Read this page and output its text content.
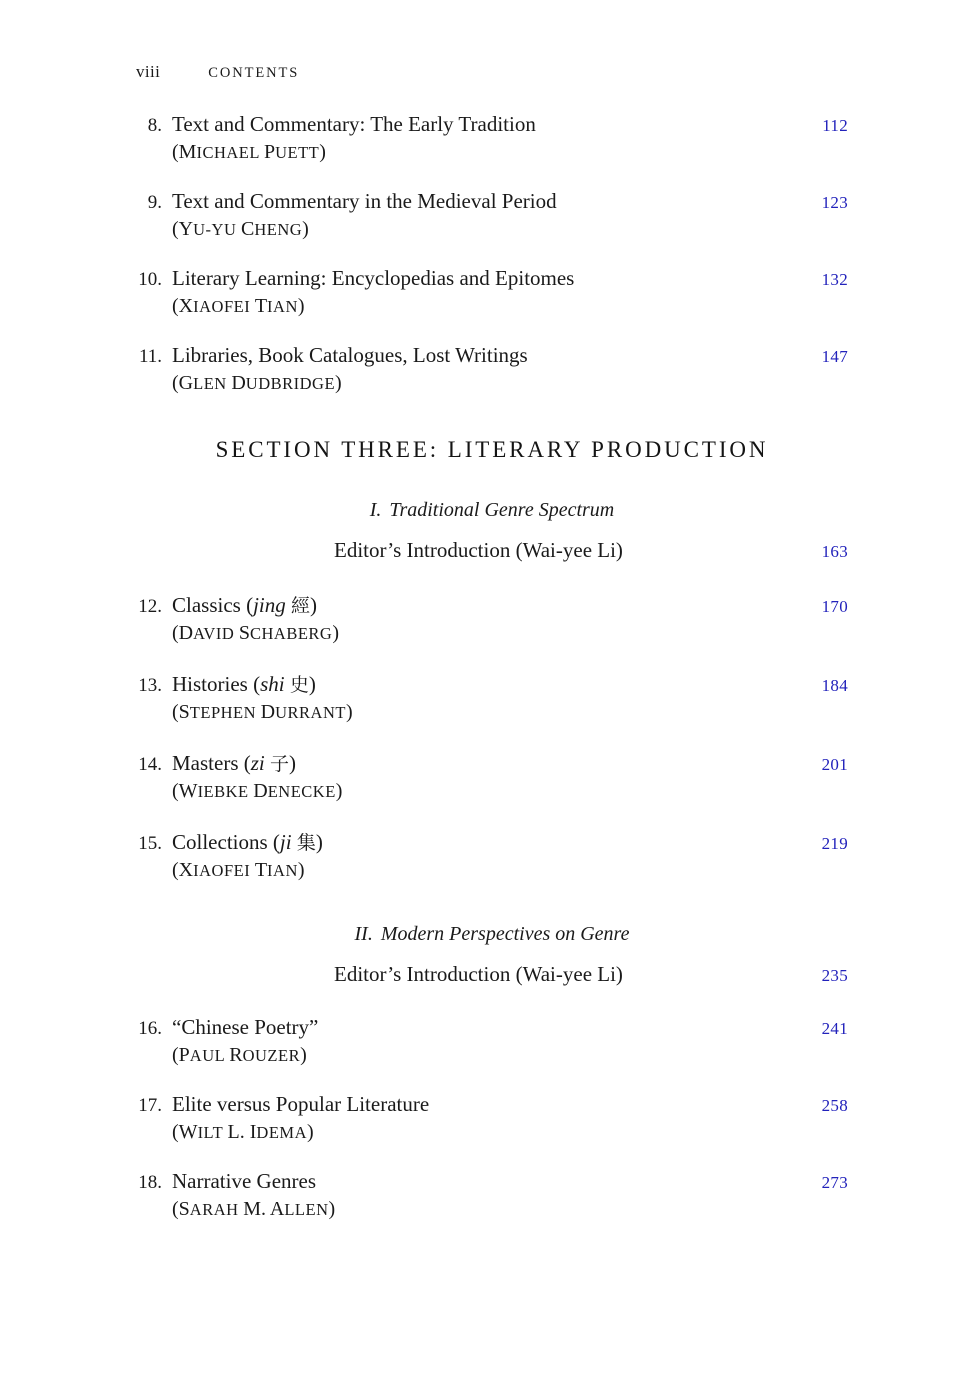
viii	CONTENTS
8. Text and Commentary: The Early Tradition	112
(MICHAEL PUETT)
9. Text and Commentary in the Medieval Period	123
(YU-YU CHENG)
10. Literary Learning: Encyclopedias and Epitomes	132
(XIAOFEI TIAN)
11. Libraries, Book Catalogues, Lost Writings	147
(GLEN DUDBRIDGE)
SECTION THREE: LITERARY PRODUCTION
I. Traditional Genre Spectrum
Editor’s Introduction (Wai-yee Li)	163
12. Classics (jing 經)	170
(DAVID SCHABERG)
13. Histories (shi 史)	184
(STEPHEN DURRANT)
14. Masters (zi 子)	201
(WIEBKE DENECKE)
15. Collections (ji 集)	219
(XIAOFEI TIAN)
II. Modern Perspectives on Genre
Editor’s Introduction (Wai-yee Li)	235
16. “Chinese Poetry”	241
(PAUL ROUZER)
17. Elite versus Popular Literature	258
(WILT L. IDEMA)
18. Narrative Genres	273
(SARAH M. ALLEN)
